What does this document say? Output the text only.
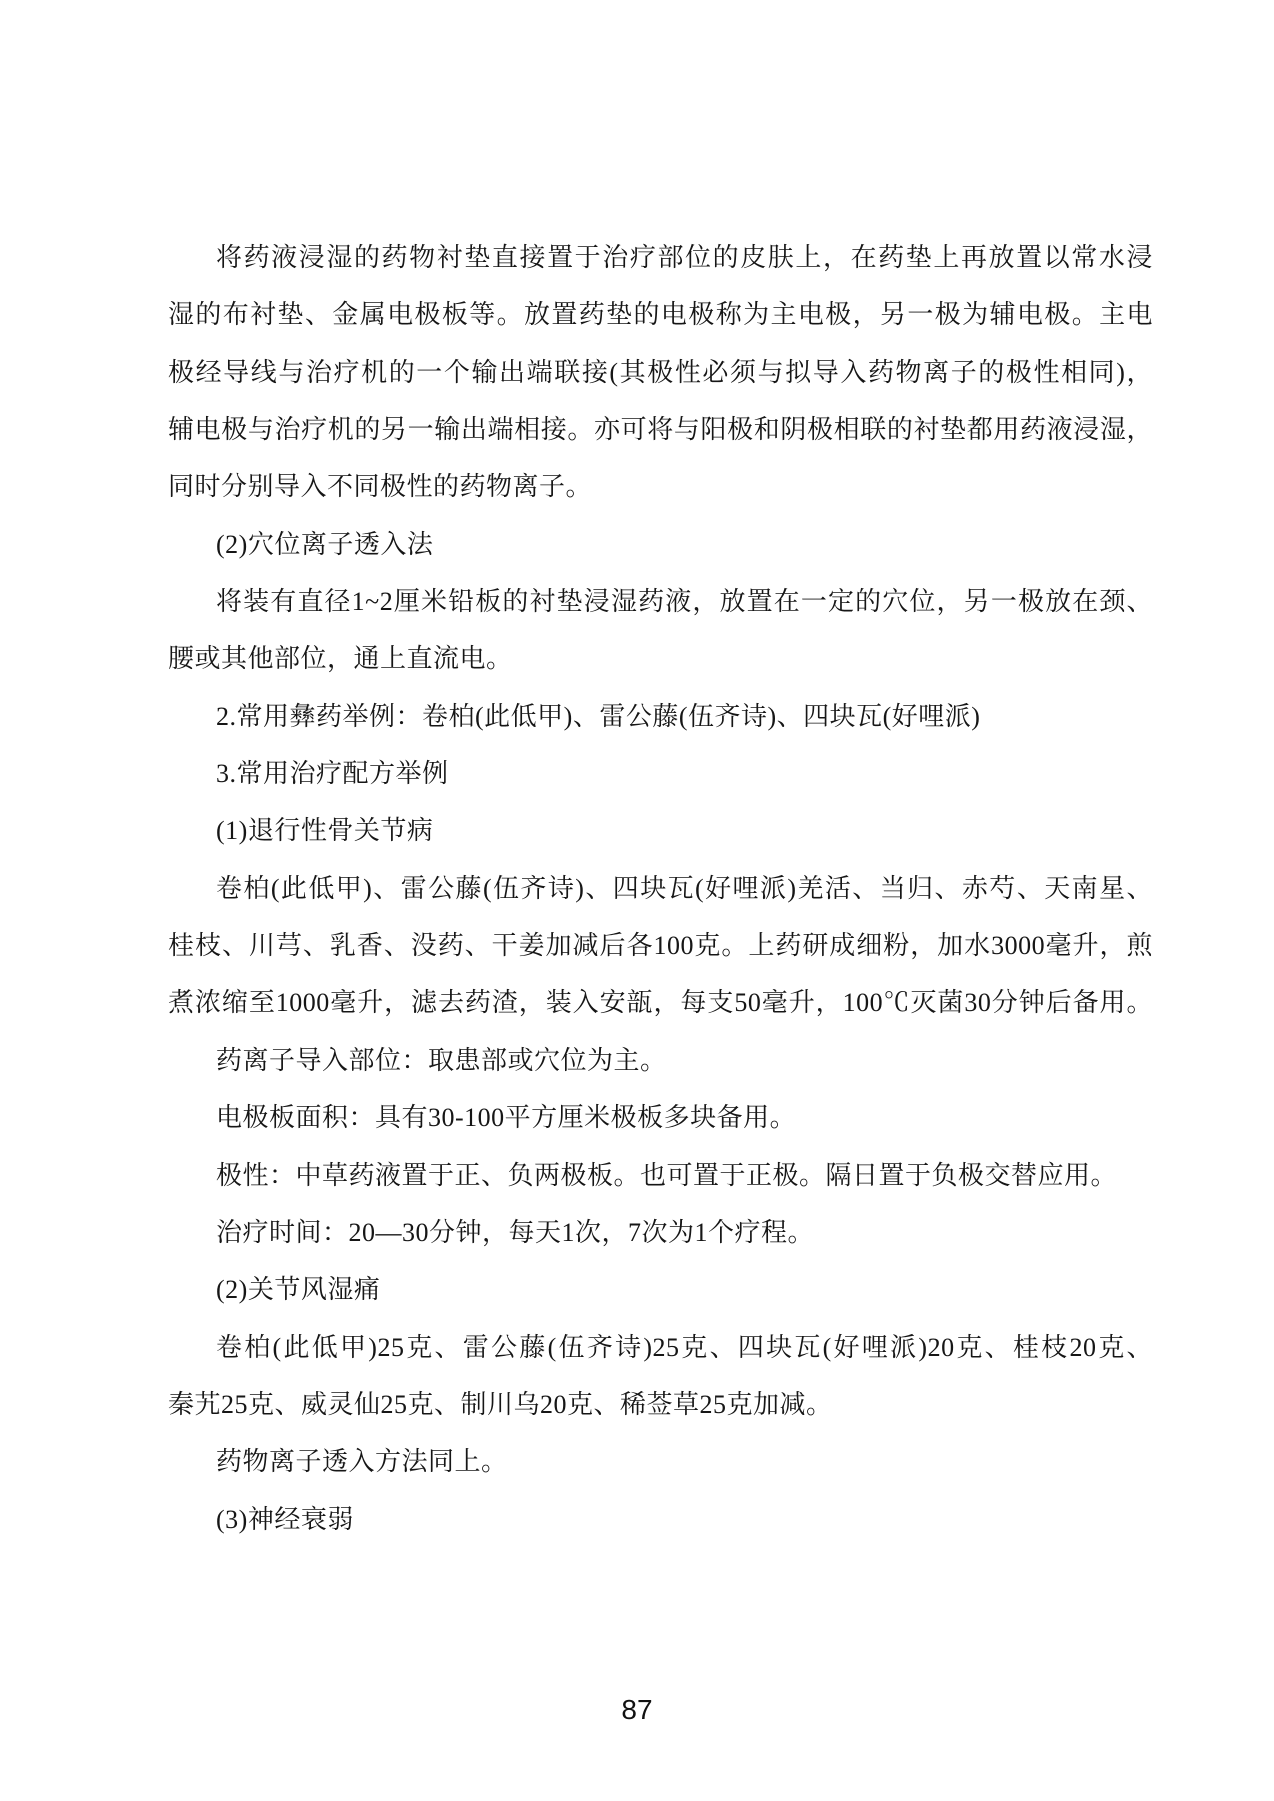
将药液浸湿的药物衬垫直接置于治疗部位的皮肤上，在药垫上再放置以常水浸

湿的布衬垫、金属电极板等。放置药垫的电极称为主电极，另一极为辅电极。主电

极经导线与治疗机的一个输出端联接(其极性必须与拟导入药物离子的极性相同)，

辅电极与治疗机的另一输出端相接。亦可将与阳极和阴极相联的衬垫都用药液浸湿，

同时分别导入不同极性的药物离子。

(2)穴位离子透入法

将装有直径1~2厘米铅板的衬垫浸湿药液，放置在一定的穴位，另一极放在颈、

腰或其他部位，通上直流电。

2.常用彝药举例：卷柏(此低甲)、雷公藤(伍齐诗)、四块瓦(好哩派)

3.常用治疗配方举例

(1)退行性骨关节病

卷柏(此低甲)、雷公藤(伍齐诗)、四块瓦(好哩派)羌活、当归、赤芍、天南星、

桂枝、川芎、乳香、没药、干姜加减后各100克。上药研成细粉，加水3000毫升，煎

煮浓缩至1000毫升，滤去药渣，装入安瓿，每支50毫升，100℃灭菌30分钟后备用。

药离子导入部位：取患部或穴位为主。

电极板面积：具有30-100平方厘米极板多块备用。

极性：中草药液置于正、负两极板。也可置于正极。隔日置于负极交替应用。

治疗时间：20—30分钟，每天1次，7次为1个疗程。

(2)关节风湿痛

卷柏(此低甲)25克、雷公藤(伍齐诗)25克、四块瓦(好哩派)20克、桂枝20克、

秦艽25克、威灵仙25克、制川乌20克、稀莶草25克加减。

药物离子透入方法同上。

(3)神经衰弱

87
